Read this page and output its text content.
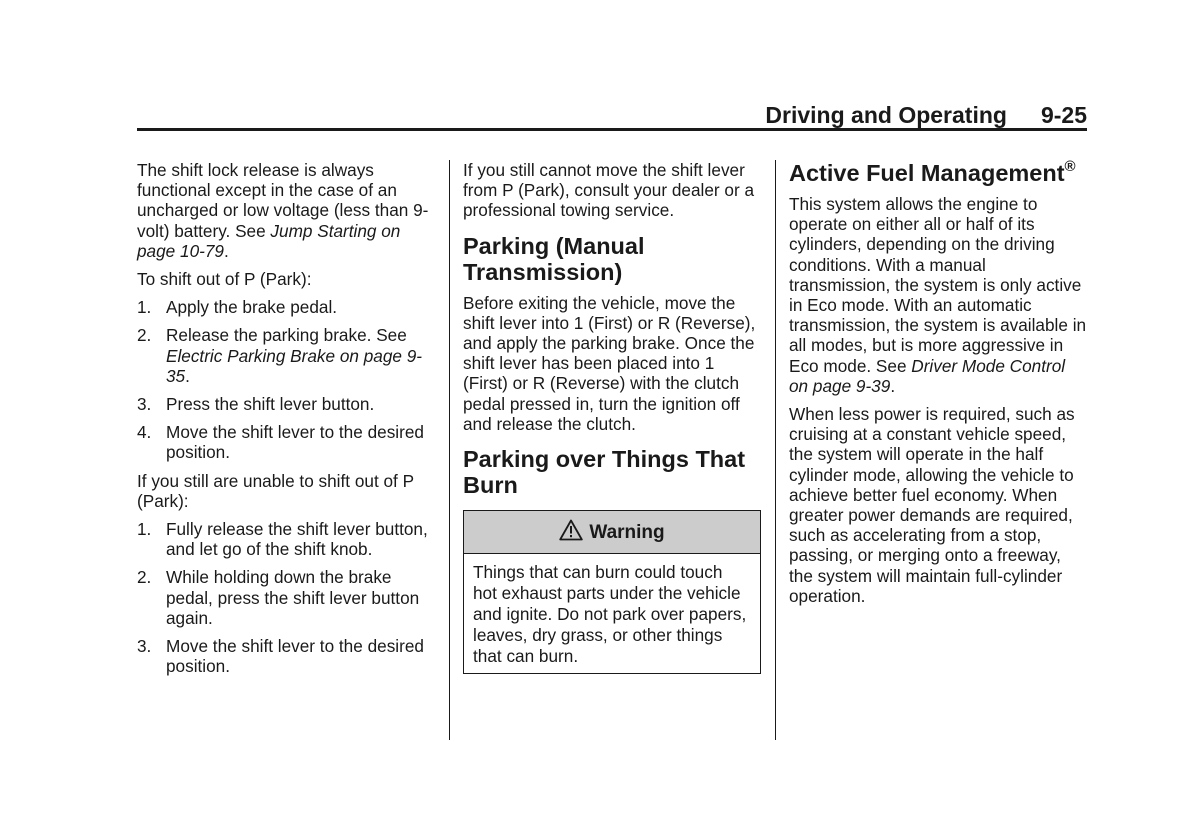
Driving and Operating 9-25

The shift lock release is always functional except in the case of an uncharged or low voltage (less than 9-volt) battery. See Jump Starting on page 10-79.

To shift out of P (Park):

1. Apply the brake pedal.
2. Release the parking brake. See Electric Parking Brake on page 9-35.
3. Press the shift lever button.
4. Move the shift lever to the desired position.

If you still are unable to shift out of P (Park):

1. Fully release the shift lever button, and let go of the shift knob.
2. While holding down the brake pedal, press the shift lever button again.
3. Move the shift lever to the desired position.

If you still cannot move the shift lever from P (Park), consult your dealer or a professional towing service.

Parking (Manual Transmission)

Before exiting the vehicle, move the shift lever into 1 (First) or R (Reverse), and apply the parking brake. Once the shift lever has been placed into 1 (First) or R (Reverse) with the clutch pedal pressed in, turn the ignition off and release the clutch.

Parking over Things That Burn
Warning
Things that can burn could touch hot exhaust parts under the vehicle and ignite. Do not park over papers, leaves, dry grass, or other things that can burn.
Active Fuel Management®

This system allows the engine to operate on either all or half of its cylinders, depending on the driving conditions. With a manual transmission, the system is only active in Eco mode. With an automatic transmission, the system is available in all modes, but is more aggressive in Eco mode. See Driver Mode Control on page 9-39.

When less power is required, such as cruising at a constant vehicle speed, the system will operate in the half cylinder mode, allowing the vehicle to achieve better fuel economy. When greater power demands are required, such as accelerating from a stop, passing, or merging onto a freeway, the system will maintain full-cylinder operation.
